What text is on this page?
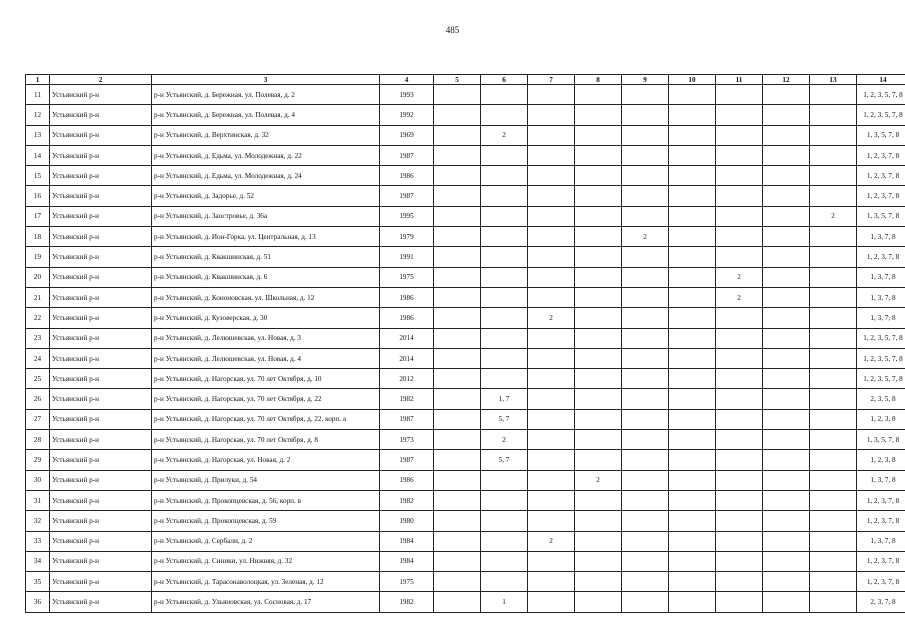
485
1	2	3	4	5	6	7	8	9	10	11	12	13	14
11	Устьянский р-н	р-н Устьянский, д. Бережная, ул. Полевая, д. 2	1993										1, 2, 3, 5, 7, 8
12	Устьянский р-н	р-н Устьянский, д. Бережная, ул. Полевая, д. 4	1992										1, 2, 3, 5, 7, 8
13	Устьянский р-н	р-н Устьянский, д. Верхтинская, д. 32	1969		2								1, 3, 5, 7, 8
14	Устьянский р-н	р-н Устьянский, д. Едьма, ул. Молодежная, д. 22	1987										1, 2, 3, 7, 8
15	Устьянский р-н	р-н Устьянский, д. Едьма, ул. Молодежная, д. 24	1986										1, 2, 3, 7, 8
16	Устьянский р-н	р-н Устьянский, д. Задорье, д. 52	1987										1, 2, 3, 7, 8
17	Устьянский р-н	р-н Устьянский, д. Заостровье, д. 36а	1995									2	1, 3, 5, 7, 8
18	Устьянский р-н	р-н Устьянский, д. Ион-Горка, ул. Центральная, д. 13	1979					2					1, 3, 7, 8
19	Устьянский р-н	р-н Устьянский, д. Квакшинская, д. 51	1991										1, 2, 3, 7, 8
20	Устьянский р-н	р-н Устьянский, д. Квакшинская, д. 6	1975							2			1, 3, 7, 8
21	Устьянский р-н	р-н Устьянский, д. Кононовская, ул. Школьная, д. 12	1986							2			1, 3, 7, 8
22	Устьянский р-н	р-н Устьянский, д. Кузоверская, д. 30	1986			2							1, 3, 7, 8
23	Устьянский р-н	р-н Устьянский, д. Лелюшевская, ул. Новая, д. 3	2014										1, 2, 3, 5, 7, 8
24	Устьянский р-н	р-н Устьянский, д. Лелюшевская, ул. Новая, д. 4	2014										1, 2, 3, 5, 7, 8
25	Устьянский р-н	р-н Устьянский, д. Нагорская, ул. 70 лет Октября, д. 10	2012										1, 2, 3, 5, 7, 8
26	Устьянский р-н	р-н Устьянский, д. Нагорская, ул. 70 лет Октября, д. 22	1982		1, 7								2, 3, 5, 8
27	Устьянский р-н	р-н Устьянский, д. Нагорская, ул. 70 лет Октября, д. 22, корп. а	1987		5, 7								1, 2, 3, 8
28	Устьянский р-н	р-н Устьянский, д. Нагорская, ул. 70 лет Октября, д. 8	1973		2								1, 3, 5, 7, 8
29	Устьянский р-н	р-н Устьянский, д. Нагорская, ул. Новая, д. 2	1987		5, 7								1, 2, 3, 8
30	Устьянский р-н	р-н Устьянский, д. Прилуки, д. 54	1986				2						1, 3, 7, 8
31	Устьянский р-н	р-н Устьянский, д. Прокопцевская, д. 56, корп. в	1982										1, 2, 3, 7, 8
32	Устьянский р-н	р-н Устьянский, д. Прокопцевская, д. 59	1980										1, 2, 3, 7, 8
33	Устьянский р-н	р-н Устьянский, д. Сербали, д. 2	1984			2							1, 3, 7, 8
34	Устьянский р-н	р-н Устьянский, д. Синики, ул. Нижняя, д. 32	1984										1, 2, 3, 7, 8
35	Устьянский р-н	р-н Устьянский, д. Тарасонаволоцкая, ул. Зеленая, д. 12	1975										1, 2, 3, 7, 8
36	Устьянский р-н	р-н Устьянский, д. Ульяновская, ул. Сосновая, д. 17	1982		1								2, 3, 7, 8
